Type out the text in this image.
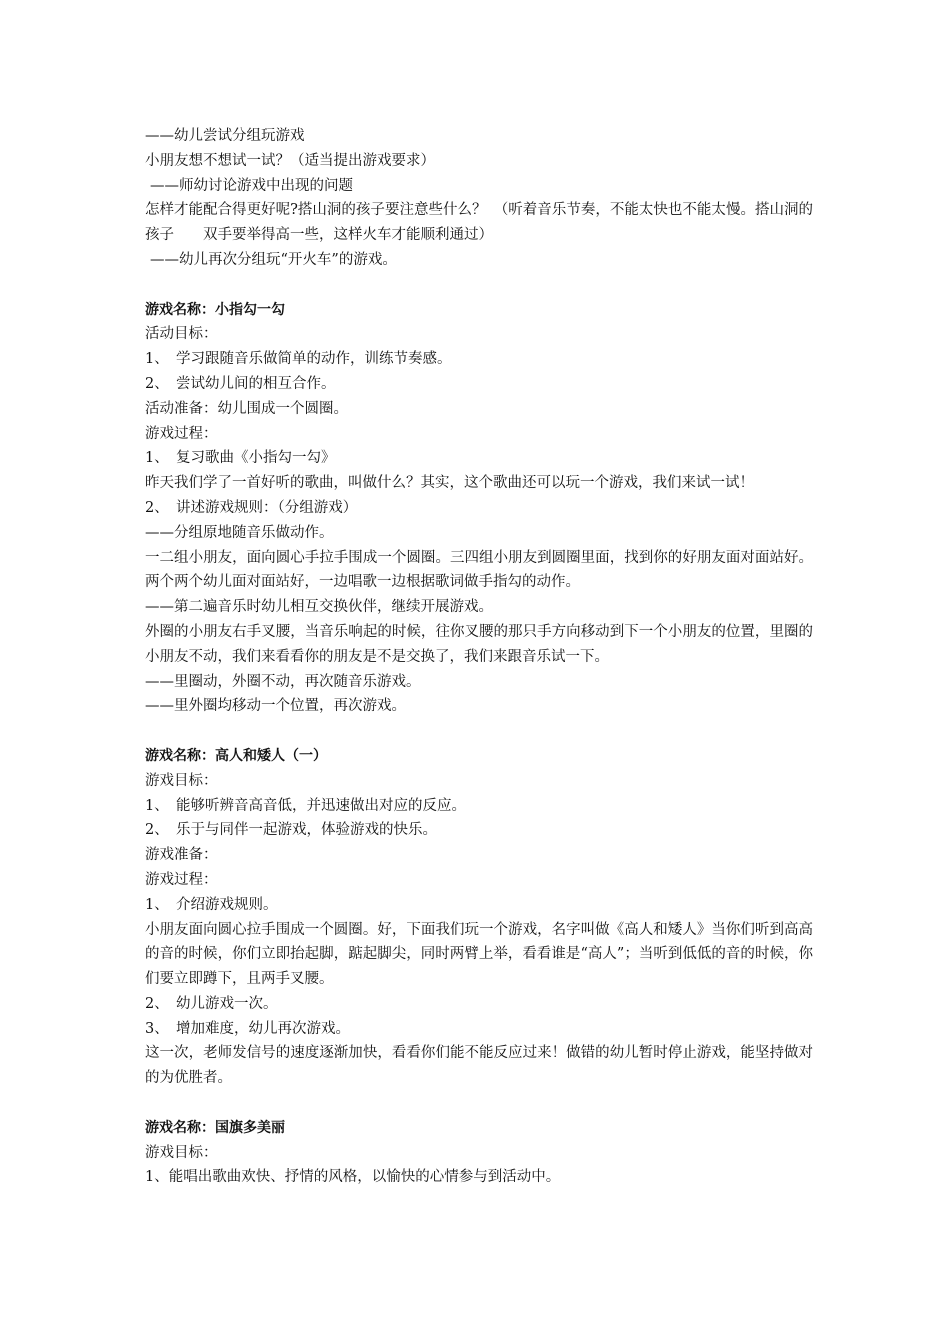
——幼儿尝试分组玩游戏

小朋友想不想试一试？（适当提出游戏要求）

——师幼讨论游戏中出现的问题

怎样才能配合得更好呢?搭山洞的孩子要注意些什么？　（听着音乐节奏，不能太快也不能太慢。搭山洞的孩子　　双手要举得高一些，这样火车才能顺利通过）

——幼儿再次分组玩“开火车”的游戏。

游戏名称：小指勾一勾

活动目标：

1、　学习跟随音乐做简单的动作，训练节奏感。

2、　尝试幼儿间的相互合作。

活动准备：幼儿围成一个圆圈。

游戏过程：

1、　复习歌曲《小指勾一勾》

昨天我们学了一首好听的歌曲，叫做什么？其实，这个歌曲还可以玩一个游戏，我们来试一试！

2、　讲述游戏规则：（分组游戏）

——分组原地随音乐做动作。

一二组小朋友，面向圆心手拉手围成一个圆圈。三四组小朋友到圆圈里面，找到你的好朋友面对面站好。两个两个幼儿面对面站好，一边唱歌一边根据歌词做手指勾的动作。

——第二遍音乐时幼儿相互交换伙伴，继续开展游戏。

外圈的小朋友右手叉腰，当音乐响起的时候，往你叉腰的那只手方向移动到下一个小朋友的位置，里圈的小朋友不动，我们来看看你的朋友是不是交换了，我们来跟音乐试一下。

——里圈动，外圈不动，再次随音乐游戏。

——里外圈均移动一个位置，再次游戏。

游戏名称：高人和矮人（一）

游戏目标：

1、　能够听辨音高音低，并迅速做出对应的反应。

2、　乐于与同伴一起游戏，体验游戏的快乐。

游戏准备：

游戏过程：

1、　介绍游戏规则。

小朋友面向圆心拉手围成一个圆圈。好，下面我们玩一个游戏，名字叫做《高人和矮人》当你们听到高高的音的时候，你们立即抬起脚，踮起脚尖，同时两臂上举，看看谁是“高人”；当听到低低的音的时候，你们要立即蹲下，且两手叉腰。

2、　幼儿游戏一次。

3、　增加难度，幼儿再次游戏。

这一次，老师发信号的速度逐渐加快，看看你们能不能反应过来！做错的幼儿暂时停止游戏，能坚持做对的为优胜者。

游戏名称：国旗多美丽

游戏目标：

1、能唱出歌曲欢快、抒情的风格，以愉快的心情参与到活动中。
